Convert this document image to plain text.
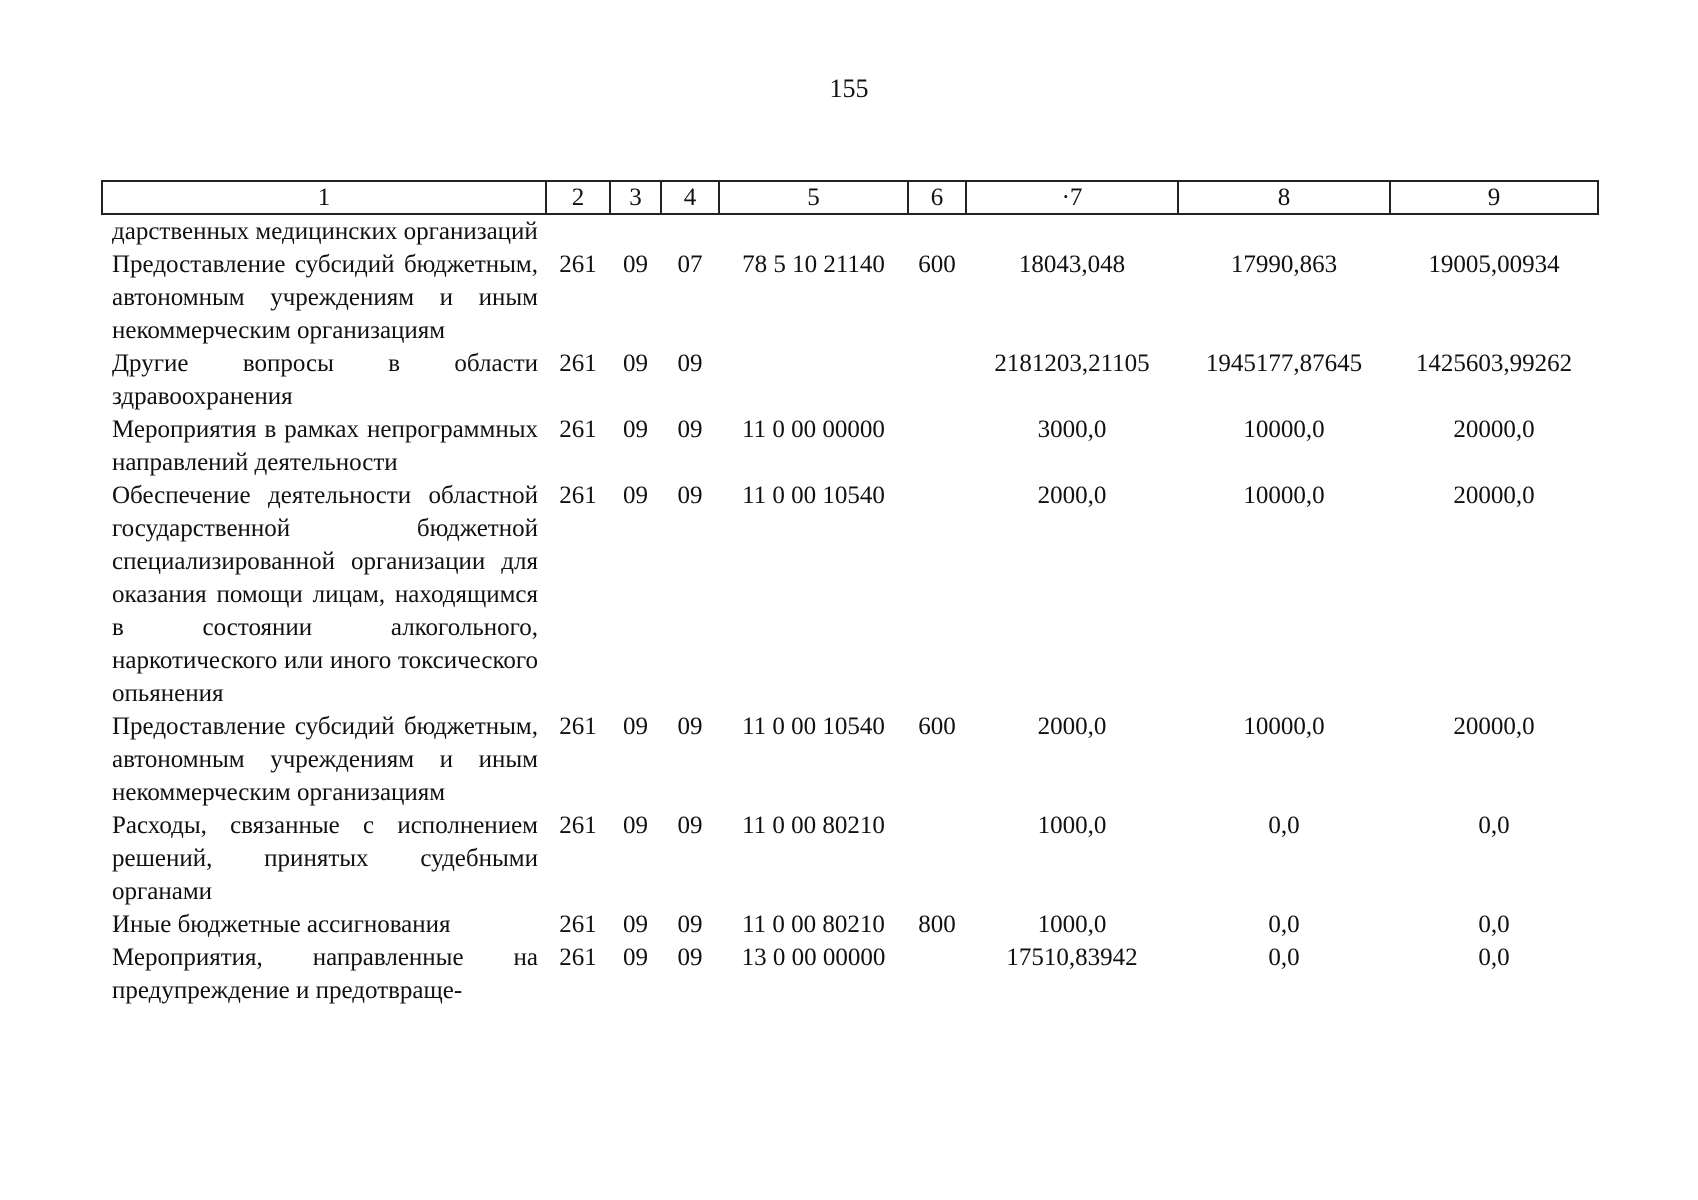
155
1	2	3	4	5	6	·7	8	9
дарственных медицинских организаций								
Предоставление субсидий бюджетным, автономным учреждениям и иным некоммерческим организациям	261	09	07	78 5 10 21140	600	18043,048	17990,863	19005,00934
Другие вопросы в области здравоохранения	261	09	09			2181203,21105	1945177,87645	1425603,99262
Мероприятия в рамках непрограммных направлений деятельности	261	09	09	11 0 00 00000		3000,0	10000,0	20000,0
Обеспечение деятельности областной государственной бюджетной специализированной организации для оказания помощи лицам, находящимся в состоянии алкогольного, наркотического или иного токсического опьянения	261	09	09	11 0 00 10540		2000,0	10000,0	20000,0
Предоставление субсидий бюджетным, автономным учреждениям и иным некоммерческим организациям	261	09	09	11 0 00 10540	600	2000,0	10000,0	20000,0
Расходы, связанные с исполнением решений, принятых судебными органами	261	09	09	11 0 00 80210		1000,0	0,0	0,0
Иные бюджетные ассигнования	261	09	09	11 0 00 80210	800	1000,0	0,0	0,0
Мероприятия, направленные на предупреждение и предотвраще-	261	09	09	13 0 00 00000		17510,83942	0,0	0,0
